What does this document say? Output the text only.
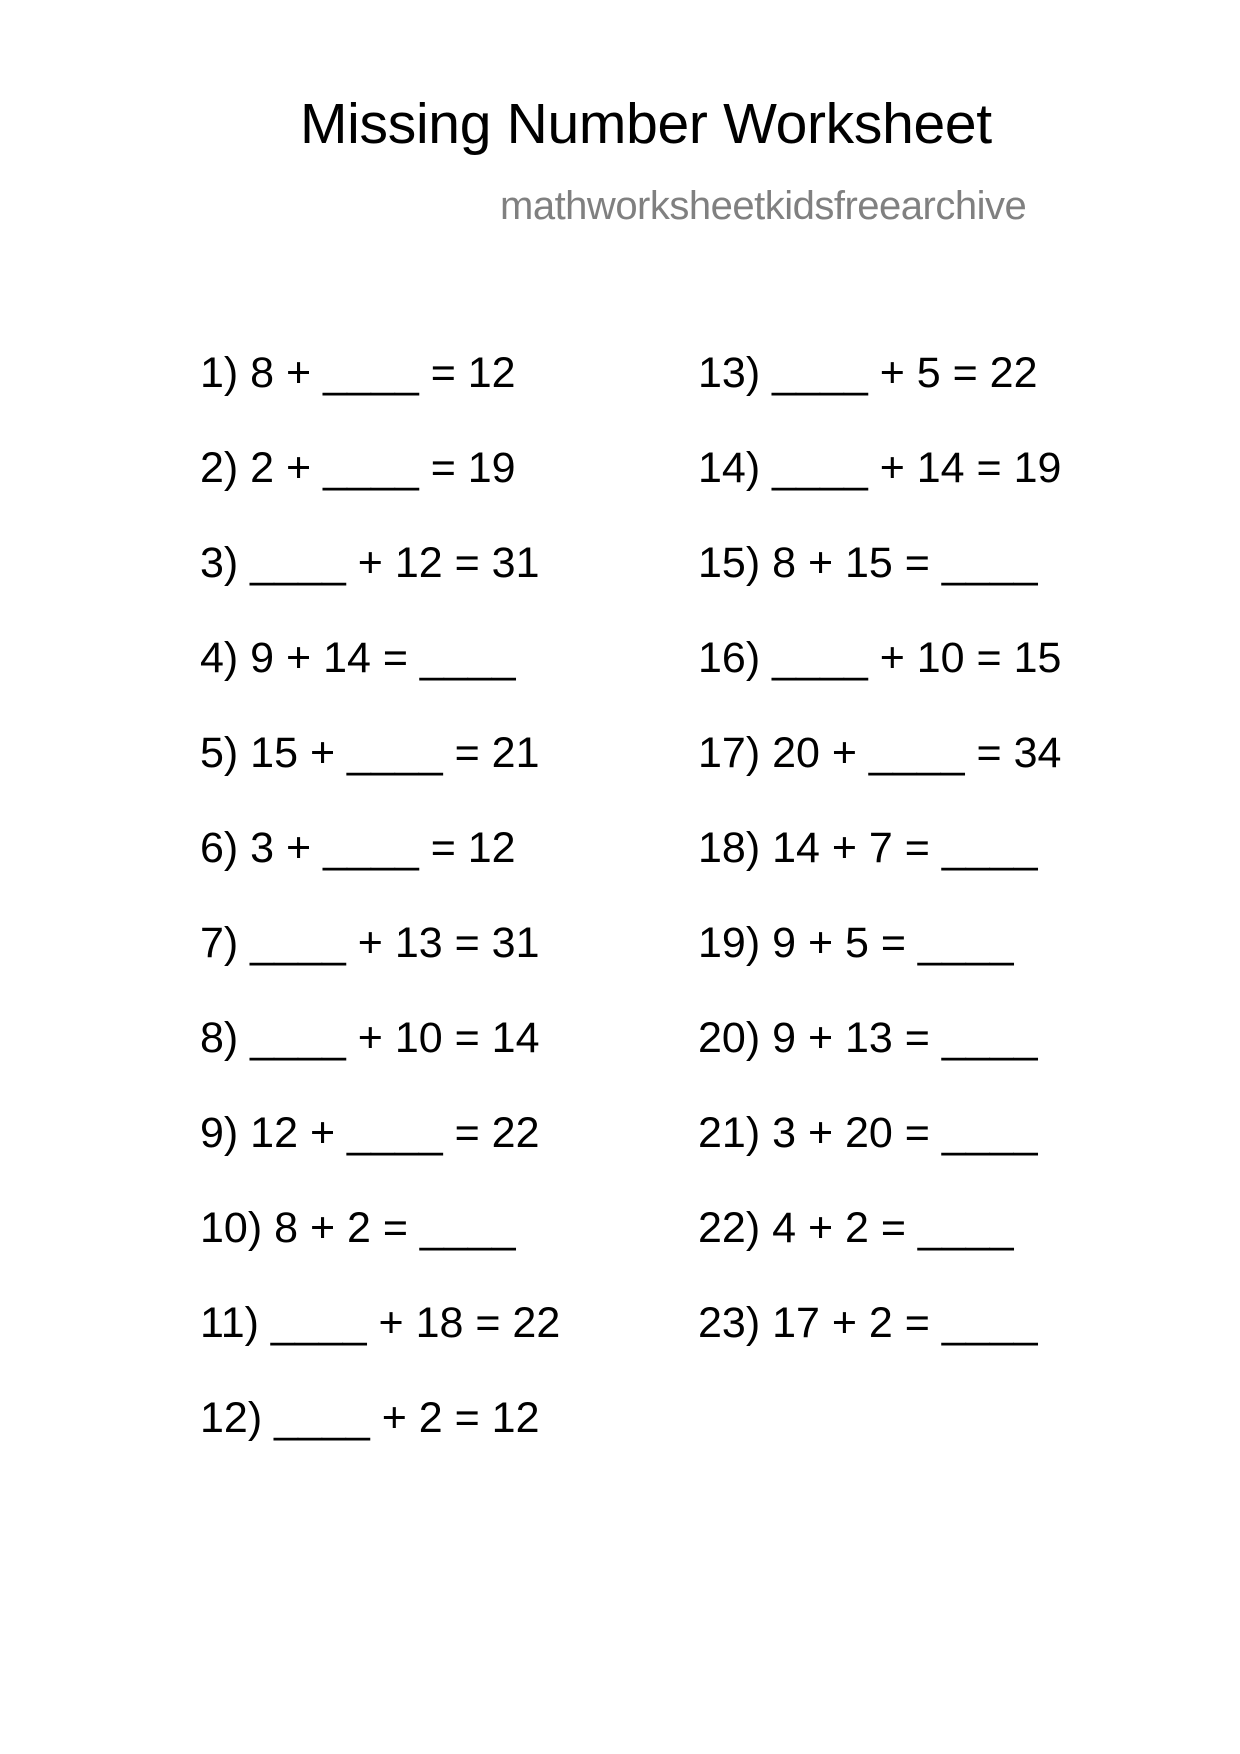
Missing Number Worksheet
mathworksheetkidsfreearchive
1) 8 + ____ = 12
2) 2 + ____ = 19
3) ____ + 12 = 31
4) 9 + 14 = ____
5) 15 + ____ = 21
6) 3 + ____ = 12
7) ____ + 13 = 31
8) ____ + 10 = 14
9) 12 + ____ = 22
10) 8 + 2 = ____
11) ____ + 18 = 22
12) ____ + 2 = 12
13) ____ + 5 = 22
14) ____ + 14 = 19
15) 8 + 15 = ____
16) ____ + 10 = 15
17) 20 + ____ = 34
18) 14 + 7 = ____
19) 9 + 5 = ____
20) 9 + 13 = ____
21) 3 + 20 = ____
22) 4 + 2 = ____
23) 17 + 2 = ____
